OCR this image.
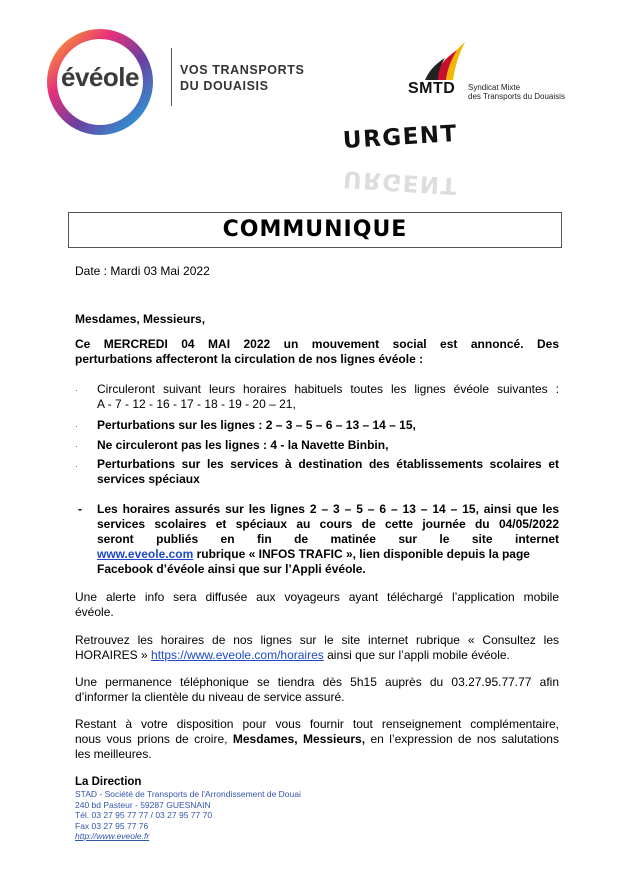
évéole	VOS TRANSPORTS
DU DOUAISIS	SMTD Syndicat Mixte
des Transports du Douaisis
URGENT
URGENT
COMMUNIQUE
Date : Mardi 03 Mai 2022
Mesdames, Messieurs,
Ce MERCREDI 04 MAI 2022 un mouvement social est annoncé. Des
perturbations affecteront la circulation de nos lignes évéole :
· Circuleront suivant leurs horaires habituels toutes les lignes évéole suivantes :
A - 7 - 12 - 16 - 17 - 18 - 19 - 20 – 21,
· Perturbations sur les lignes : 2 – 3 – 5 – 6 – 13 – 14 – 15,
· Ne circuleront pas les lignes : 4 - la Navette Binbin,
· Perturbations sur les services à destination des établissements scolaires et
services spéciaux
- Les horaires assurés sur les lignes 2 – 3 – 5 – 6 – 13 – 14 – 15, ainsi que les
services scolaires et spéciaux au cours de cette journée du 04/05/2022
seront publiés en fin de matinée sur le site internet
www.eveole.com rubrique « INFOS TRAFIC », lien disponible depuis la page
Facebook d’évéole ainsi que sur l’Appli évéole.
Une alerte info sera diffusée aux voyageurs ayant téléchargé l’application mobile
évéole.
Retrouvez les horaires de nos lignes sur le site internet rubrique « Consultez les
HORAIRES » https://www.eveole.com/horaires ainsi que sur l’appli mobile évéole.
Une permanence téléphonique se tiendra dès 5h15 auprès du 03.27.95.77.77 afin
d’informer la clientèle du niveau de service assuré.
Restant à votre disposition pour vous fournir tout renseignement complémentaire,
nous vous prions de croire, Mesdames, Messieurs, en l’expression de nos salutations
les meilleures.
La Direction
STAD - Société de Transports de l'Arrondissement de Douai
240 bd Pasteur - 59287 GUESNAIN
Tél. 03 27 95 77 77 / 03 27 95 77 70
Fax 03 27 95 77 76
http://www.eveole.fr
